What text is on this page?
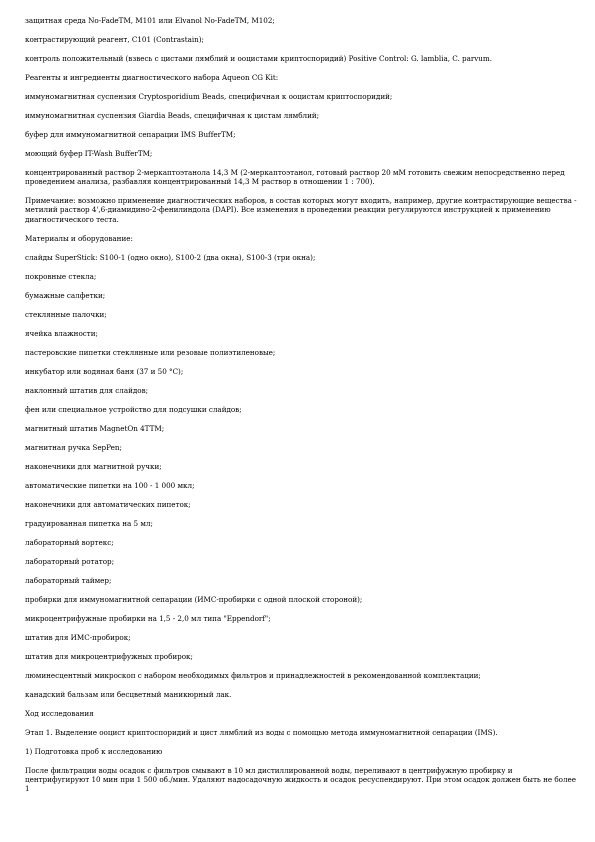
защитная среда No-FadeTM, M101 или Elvanol No-FadeTM, M102;

контрастирующий реагент, C101 (Contrastain);

контроль положительный (взвесь с цистами лямблий и ооцистами криптоспоридий) Positive Control: G. lamblia, C. parvum.

Реагенты и ингредиенты диагностического набора Aqueon CG Kit:

иммуномагнитная суспензия Cryptosporidium Beads, специфичная к ооцистам криптоспоридий;

иммуномагнитная суспензия Giardia Beads, специфичная к цистам лямблий;

буфер для иммуномагнитной сепарации IMS BufferTM;

моющий буфер IT-Wash BufferTM;

концентрированный раствор 2-меркаптоэтанола 14,3 М (2-меркаптоэтанол, готовый раствор 20 мМ готовить свежим непосредственно перед проведением анализа, разбавляя концентрированный 14,3 М раствор в отношении 1 : 700).

Примечание: возможно применение диагностических наборов, в состав которых могут входить, например, другие контрастирующие вещества - метилий раствор 4',6-диамидино-2-фенилиндола (DAPI). Все изменения в проведении реакции регулируются инструкцией к применению диагностического теста.

Материалы и оборудование:

слайды SuperStick: S100-1 (одно окно), S100-2 (два окна), S100-3 (три окна);

покровные стекла;

бумажные салфетки;

стеклянные палочки;

ячейка влажности;

пастеровские пипетки стеклянные или резовые полиэтиленовые;

инкубатор или водяная баня (37 и 50 °С);

наклонный штатив для слайдов;

фен или специальное устройство для подсушки слайдов;

магнитный штатив MagnetOn 4TTM;

магнитная ручка SepPen;

наконечники для магнитной ручки;

автоматические пипетки на 100 - 1 000 мкл;

наконечники для автоматических пипеток;

градуированная пипетка на 5 мл;

лабораторный вортекс;

лабораторный ротатор;

лабораторный таймер;

пробирки для иммуномагнитной сепарации (ИМС-пробирки с одной плоской стороной);

микроцентрифужные пробирки на 1,5 - 2,0 мл типа "Eppendorf";

штатив для ИМС-пробирок;

штатив для микроцентрифужных пробирок;

люминесцентный микроскоп с набором необходимых фильтров и принадлежностей в рекомендованной комплектации;

канадский бальзам или бесцветный маникюрный лак.

Ход исследования

Этап 1. Выделение ооцист криптоспоридий и цист лямблий из воды с помощью метода иммуномагнитной сепарации (IMS).

1) Подготовка проб к исследованию

После фильтрации воды осадок с фильтров смывают в 10 мл дистиллированной воды, переливают в центрифужную пробирку и центрифугируют 10 мин при 1 500 об./мин. Удаляют надосадочную жидкость и осадок ресуспендируют. При этом осадок должен быть не более 1
